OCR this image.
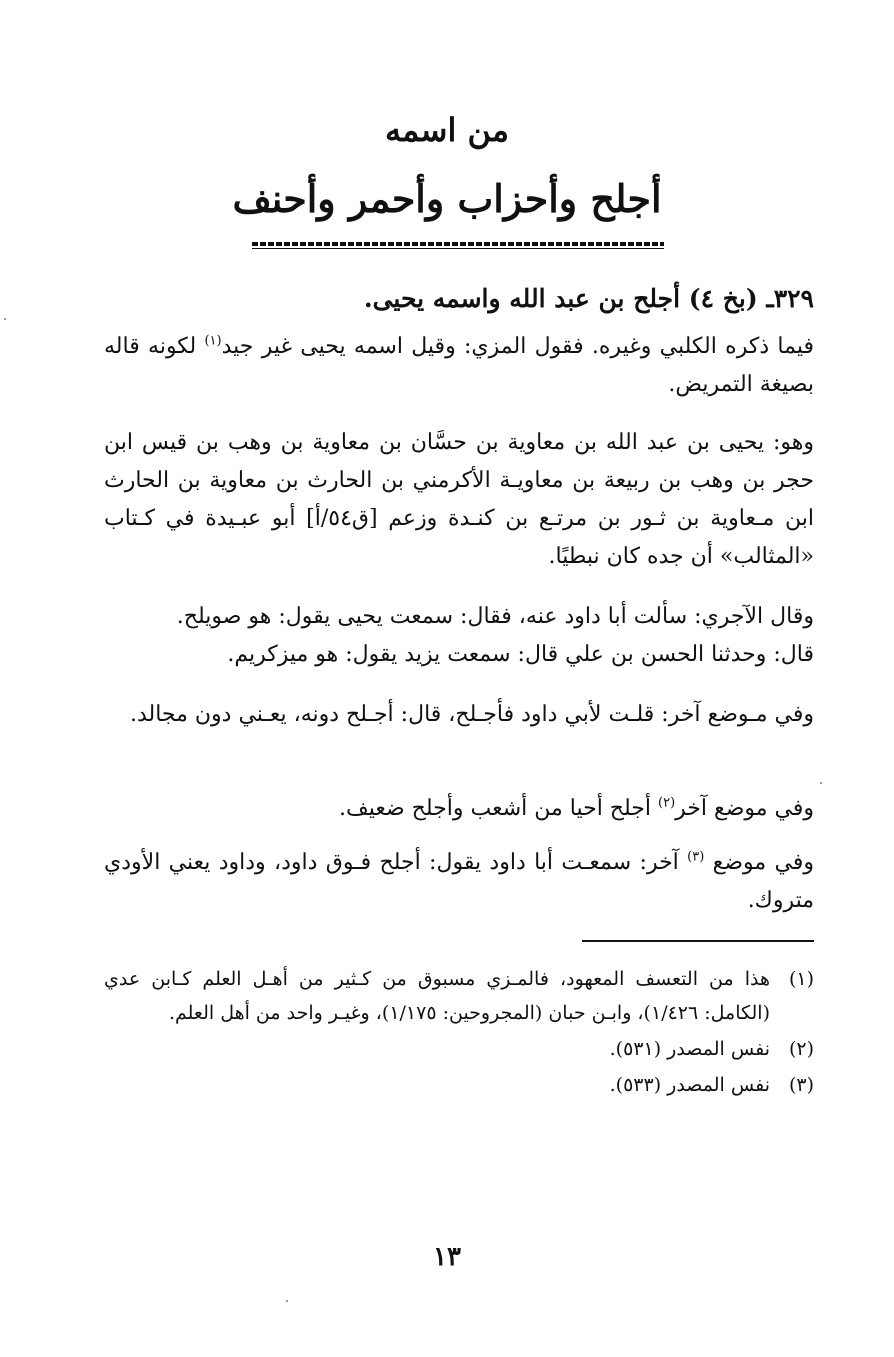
من اسمه
أجلح وأحزاب وأحمر وأحنف
٣٢٩ـ (بخ ٤) أجلح بن عبد الله واسمه يحيى.
فيما ذكره الكلبي وغيره. فقول المزي: وقيل اسمه يحيى غير جيد$^{(١)}$ لكونه قاله بصيغة التمريض.
وهو: يحيى بن عبد الله بن معاوية بن حسَّان بن معاوية بن وهب بن قيس ابن حجر بن وهب بن ربيعة بن معاويـة الأكرمني بن الحارث بن معاوية بن الحارث ابن مـعاوية بن ثـور بن مرتـع بن كنـدة وزعم [ق٥٤/أ] أبو عبـيدة في كـتاب «المثالب» أن جده كان نبطيًا.
وقال الآجري: سألت أبا داود عنه، فقال: سمعت يحيى يقول: هو صويلح.
قال: وحدثنا الحسن بن علي قال: سمعت يزيد يقول: هو ميزكريم.
وفي مـوضع آخر: قلـت لأبي داود فأجـلح، قال: أجـلح دونه، يعـني دون مجالد.
وفي موضع آخر$^{(٢)}$ أجلح أحيا من أشعب وأجلح ضعيف.
وفي موضع $^{(٣)}$ آخر: سمعـت أبا داود يقول: أجلح فـوق داود، وداود يعني الأودي متروك.
(١)
هذا من التعسف المعهود، فالمـزي مسبوق من كـثير من أهـل العلم كـابن عدي (الكامل: ١/٤٢٦)، وابـن حبان (المجروحين: ١/١٧٥)، وغيـر واحد من أهل العلم.
(٢)
نفس المصدر (٥٣١).
(٣)
نفس المصدر (٥٣٣).
١٣
